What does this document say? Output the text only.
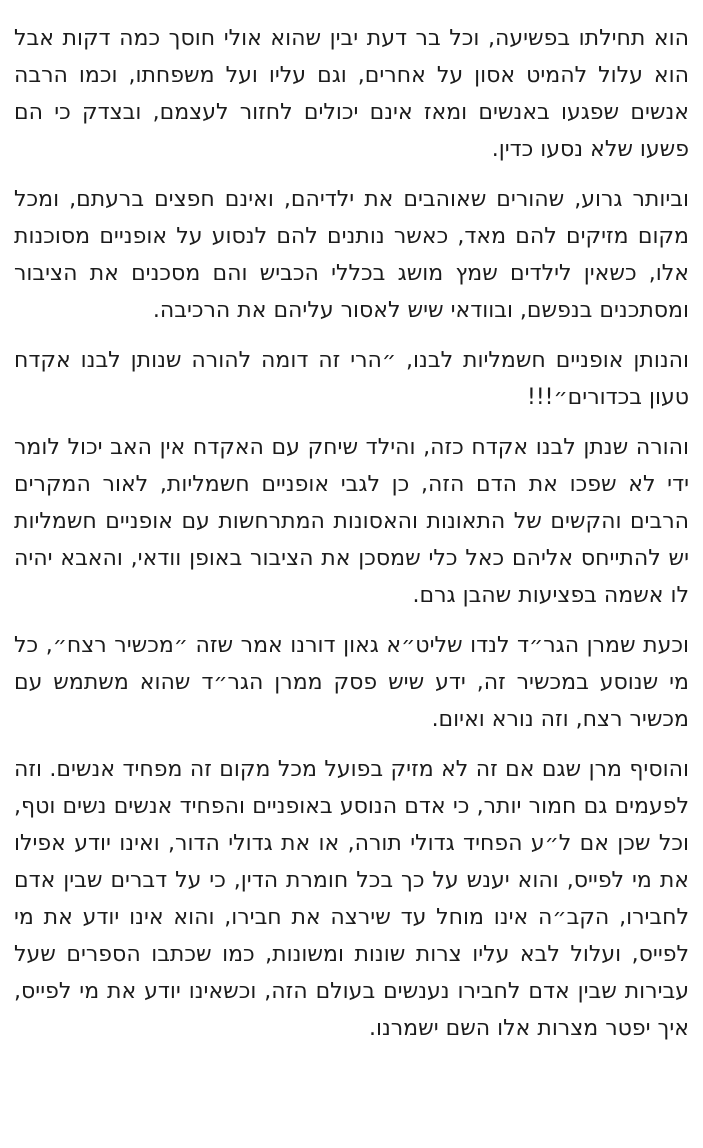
הוא תחילתו בפשיעה, וכל בר דעת יבין שהוא אולי חוסך כמה דקות אבל הוא עלול להמיט אסון על אחרים, וגם עליו ועל משפחתו, וכמו הרבה אנשים שפגעו באנשים ומאז אינם יכולים לחזור לעצמם, ובצדק כי הם פשעו שלא נסעו כדין.

וביותר גרוע, שהורים שאוהבים את ילדיהם, ואינם חפצים ברעתם, ומכל מקום מזיקים להם מאד, כאשר נותנים להם לנסוע על אופניים מסוכנות אלו, כשאין לילדים שמץ מושג בכללי הכביש והם מסכנים את הציבור ומסתכנים בנפשם, ובוודאי שיש לאסור עליהם את הרכיבה.

והנותן אופניים חשמליות לבנו, ״הרי זה דומה להורה שנותן לבנו אקדח טעון בכדורים״!!!

והורה שנתן לבנו אקדח כזה, והילד שיחק עם האקדח אין האב יכול לומר ידי לא שפכו את הדם הזה, כן לגבי אופניים חשמליות, לאור המקרים הרבים והקשים של התאונות והאסונות המתרחשות עם אופניים חשמליות יש להתייחס אליהם כאל כלי שמסכן את הציבור באופן וודאי, והאבא יהיה לו אשמה בפציעות שהבן גרם.

וכעת שמרן הגר״ד לנדו שליט״א גאון דורנו אמר שזה ״מכשיר רצח״, כל מי שנוסע במכשיר זה, ידע שיש פסק ממרן הגר״ד שהוא משתמש עם מכשיר רצח, וזה נורא ואיום.

והוסיף מרן שגם אם זה לא מזיק בפועל מכל מקום זה מפחיד אנשים. וזה לפעמים גם חמור יותר, כי אדם הנוסע באופניים והפחיד אנשים נשים וטף, וכל שכן אם ל״ע הפחיד גדולי תורה, או את גדולי הדור, ואינו יודע אפילו את מי לפייס, והוא יענש על כך בכל חומרת הדין, כי על דברים שבין אדם לחבירו, הקב״ה אינו מוחל עד שירצה את חבירו, והוא אינו יודע את מי לפייס, ועלול לבא עליו צרות שונות ומשונות, כמו שכתבו הספרים שעל עבירות שבין אדם לחבירו נענשים בעולם הזה, וכשאינו יודע את מי לפייס, איך יפטר מצרות אלו השם ישמרנו.
